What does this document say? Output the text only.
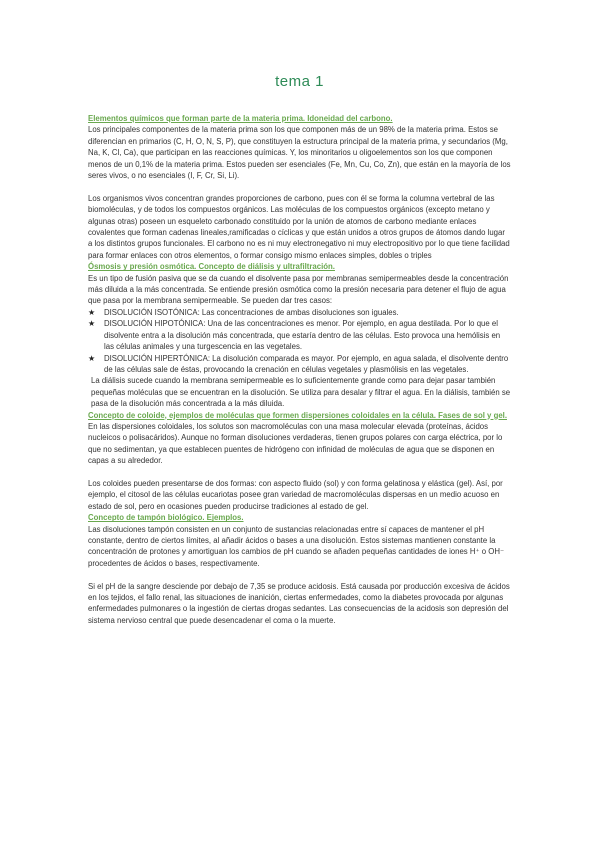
tema 1

Elementos químicos que forman parte de la materia prima. Idoneidad del carbono.

Los principales componentes de la materia prima son los que componen más de un 98% de la materia prima. Estos se diferencian en primarios (C, H, O, N, S, P), que constituyen la estructura principal de la materia prima, y secundarios (Mg, Na, K, Cl, Ca), que participan en las reacciones químicas. Y, los minoritarios u oligoelementos son los que componen menos de un 0,1% de la materia prima. Estos pueden ser esenciales (Fe, Mn, Cu, Co, Zn), que están en la mayoría de los seres vivos, o no esenciales (I, F, Cr, Si, Li).

Los organismos vivos concentran grandes proporciones de carbono, pues con él se forma la columna vertebral de las biomoléculas, y de todos los compuestos orgánicos. Las moléculas de los compuestos orgánicos (excepto metano y algunas otras) poseen un esqueleto carbonado constituido por la unión de atomos de carbono mediante enlaces covalentes que forman cadenas lineales,ramificadas o cíclicas y que están unidos a otros grupos de átomos dando lugar a los distintos grupos funcionales. El carbono no es ni muy electronegativo ni muy electropositivo por lo que tiene facilidad para formar enlaces con otros elementos, o formar consigo mismo enlaces simples, dobles o triples

Ósmosis y presión osmótica. Concepto de diálisis y ultrafiltración.

Es un tipo de fusión pasiva que se da cuando el disolvente pasa por membranas semipermeables desde la concentración más diluida a la más concentrada. Se entiende presión osmótica como la presión necesaria para detener el flujo de agua que pasa por la membrana semipermeable. Se pueden dar tres casos:

★ DISOLUCIÓN ISOTÓNICA: Las concentraciones de ambas disoluciones son iguales.
★ DISOLUCIÓN HIPOTÓNICA: Una de las concentraciones es menor. Por ejemplo, en agua destilada. Por lo que el disolvente entra a la disolución más concentrada, que estaría dentro de las células. Esto provoca una hemólisis en las células animales y una turgescencia en las vegetales.
★ DISOLUCIÓN HIPERTÓNICA: La disolución comparada es mayor. Por ejemplo, en agua salada, el disolvente dentro de las células sale de éstas, provocando la crenación en células vegetales y plasmólisis en las vegetales.

La diálisis sucede cuando la membrana semipermeable es lo suficientemente grande como para dejar pasar también pequeñas moléculas que se encuentran en la disolución. Se utiliza para desalar y filtrar el agua. En la diálisis, también se pasa de la disolución más concentrada a la más diluida.

Concepto de coloide, ejemplos de moléculas que formen dispersiones coloidales en la célula. Fases de sol y gel.

En las dispersiones coloidales, los solutos son macromoléculas con una masa molecular elevada (proteínas, ácidos nucleicos o polisacáridos). Aunque no forman disoluciones verdaderas, tienen grupos polares con carga eléctrica, por lo que no sedimentan, ya que establecen puentes de hidrógeno con infinidad de moléculas de agua que se disponen en capas a su alrededor.

Los coloides pueden presentarse de dos formas: con aspecto fluido (sol) y con forma gelatinosa y elástica (gel). Así, por ejemplo, el citosol de las células eucariotas posee gran variedad de macromoléculas dispersas en un medio acuoso en estado de sol, pero en ocasiones pueden producirse tradiciones al estado de gel.

Concepto de tampón biológico. Ejemplos.

Las disoluciones tampón consisten en un conjunto de sustancias relacionadas entre sí capaces de mantener el pH constante, dentro de ciertos límites, al añadir ácidos o bases a una disolución. Estos sistemas mantienen constante la concentración de protones y amortiguan los cambios de pH cuando se añaden pequeñas cantidades de iones H⁺ o OH⁻ procedentes de ácidos o bases, respectivamente.

Si el pH de la sangre desciende por debajo de 7,35 se produce acidosis. Está causada por producción excesiva de ácidos en los tejidos, el fallo renal, las situaciones de inanición, ciertas enfermedades, como la diabetes provocada por algunas enfermedades pulmonares o la ingestión de ciertas drogas sedantes. Las consecuencias de la acidosis son depresión del sistema nervioso central que puede desencadenar el coma o la muerte.
